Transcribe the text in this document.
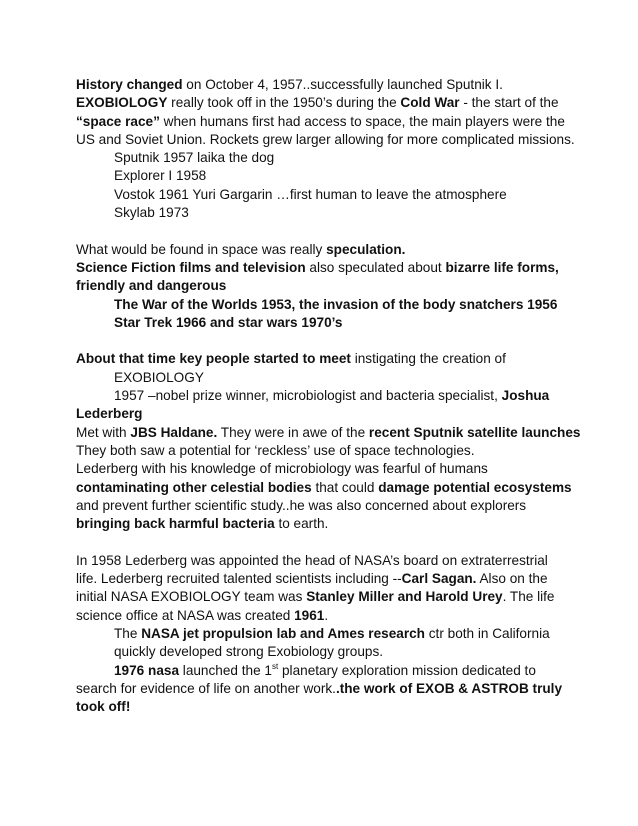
History changed on October 4, 1957..successfully launched Sputnik I.
EXOBIOLOGY really took off in the 1950’s during the Cold War - the start of the
“space race” when humans first had access to space, the main players were the
US and Soviet Union. Rockets grew larger allowing for more complicated missions.
Sputnik 1957 laika the dog
Explorer I 1958
Vostok 1961 Yuri Gargarin …first human to leave the atmosphere
Skylab 1973
What would be found in space was really speculation.
Science Fiction films and television also speculated about bizarre life forms,
friendly and dangerous
The War of the Worlds 1953, the invasion of the body snatchers 1956
Star Trek 1966 and star wars 1970’s
About that time key people started to meet instigating the creation of
EXOBIOLOGY
1957 –nobel prize winner, microbiologist and bacteria specialist, Joshua
Lederberg
Met with JBS Haldane. They were in awe of the recent Sputnik satellite launches
They both saw a potential for ‘reckless’ use of space technologies.
Lederberg with his knowledge of microbiology was fearful of humans
contaminating other celestial bodies that could damage potential ecosystems
and prevent further scientific study..he was also concerned about explorers
bringing back harmful bacteria to earth.
In 1958 Lederberg was appointed the head of NASA’s board on extraterrestrial
life. Lederberg recruited talented scientists including --Carl Sagan. Also on the
initial NASA EXOBIOLOGY team was Stanley Miller and Harold Urey. The life
science office at NASA was created 1961.
The NASA jet propulsion lab and Ames research ctr both in California
quickly developed strong Exobiology groups.
1976 nasa launched the 1st planetary exploration mission dedicated to
search for evidence of life on another work..the work of EXOB & ASTROB truly
took off!
